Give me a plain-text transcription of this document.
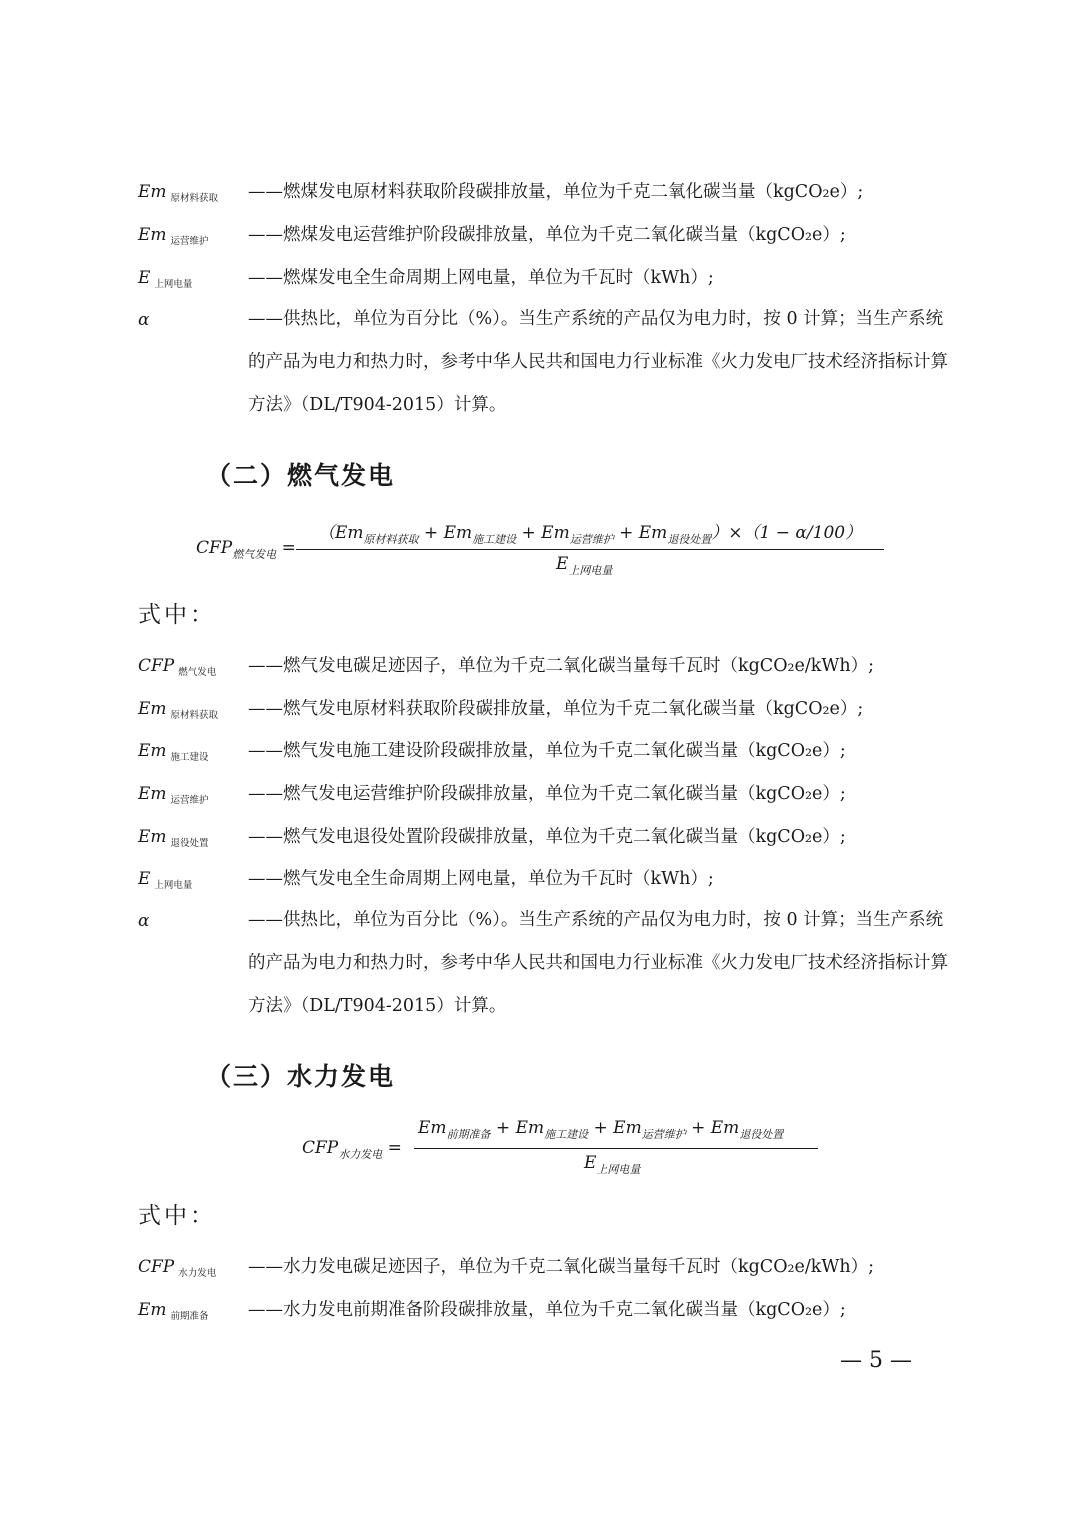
Em $_{原材料获取}$ ——燃煤发电原材料获取阶段碳排放量，单位为千克二氧化碳当量（kgCO₂e）;
Em $_{运营维护}$ ——燃煤发电运营维护阶段碳排放量，单位为千克二氧化碳当量（kgCO₂e）;
E $_{上网电量}$	——燃煤发电全生命周期上网电量，单位为千瓦时（kWh）;
α	——供热比，单位为百分比（%）。当生产系统的产品仅为电力时，按 0 计算；当生产系统的产品为电力和热力时，参考中华人民共和国电力行业标准《火力发电厂技术经济指标计算方法》（DL/T904-2015）计算。
（二）燃气发电
$CFP_{燃气发电}$ =
$(Em_{原材料获取} + Em_{施工建设} + Em_{运营维护} + Em_{退役处置})\times(1 - \alpha/100)$
$E_{上网电量}$
式中：
CFP $_{燃气发电}$ ——燃气发电碳足迹因子，单位为千克二氧化碳当量每千瓦时（kgCO₂e/kWh）;
Em $_{原材料获取}$ ——燃气发电原材料获取阶段碳排放量，单位为千克二氧化碳当量（kgCO₂e）;
Em $_{施工建设}$ ——燃气发电施工建设阶段碳排放量，单位为千克二氧化碳当量（kgCO₂e）;
Em $_{运营维护}$ ——燃气发电运营维护阶段碳排放量，单位为千克二氧化碳当量（kgCO₂e）;
Em $_{退役处置}$ ——燃气发电退役处置阶段碳排放量，单位为千克二氧化碳当量（kgCO₂e）;
E $_{上网电量}$	——燃气发电全生命周期上网电量，单位为千瓦时（kWh）;
α	——供热比，单位为百分比（%）。当生产系统的产品仅为电力时，按 0 计算；当生产系统的产品为电力和热力时，参考中华人民共和国电力行业标准《火力发电厂技术经济指标计算方法》（DL/T904-2015）计算。
（三）水力发电
$CFP_{水力发电}$ =
$Em_{前期准备} + Em_{施工建设} + Em_{运营维护} + Em_{退役处置}$
$E_{上网电量}$
式中：
CFP $_{水力发电}$ ——水力发电碳足迹因子，单位为千克二氧化碳当量每千瓦时（kgCO₂e/kWh）;
Em $_{前期准备}$ ——水力发电前期准备阶段碳排放量，单位为千克二氧化碳当量（kgCO₂e）;
— 5 —
